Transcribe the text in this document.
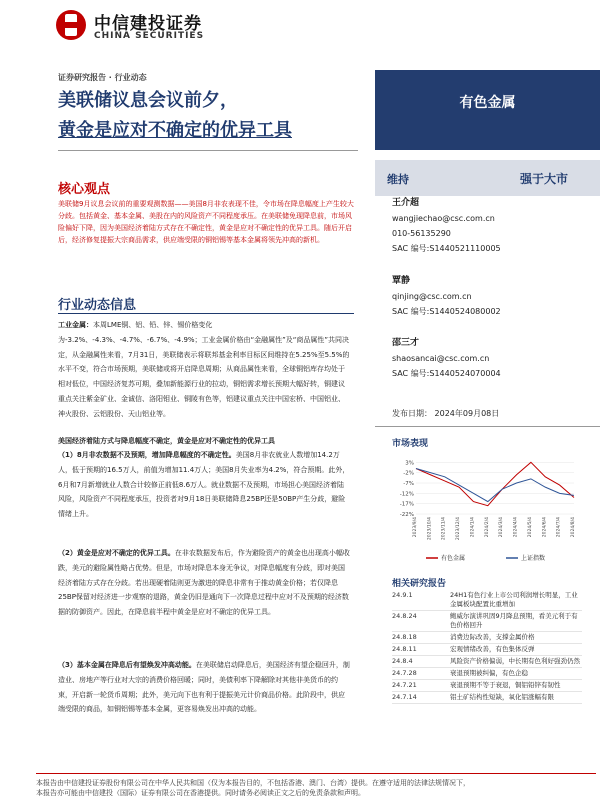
中信建投证券
CHINA SECURITIES
证券研究报告 · 行业动态
美联储议息会议前夕，
黄金是应对不确定的优异工具
有色金属
核心观点
美联储9月议息会议前的重要观测数据——美国8月非农表现不佳，令市场在降息幅度上产生较大分歧。包括黄金、基本金属、美股在内的风险资产不同程度承压。在美联储免现降息前，市场风险偏好下降，因为美国经济着陆方式存在不确定性，黄金是应对不确定性的优异工具。随后开启后，经济修复提振大宗商品需求，供应端受限的铜铝锡等基本金属将领先冲高的新机。
行业动态信息
工业金属：本周LME铜、铝、铅、锌、锡价格变化为-3.2%、-4.3%、-4.7%、-6.7%、-4.9%；工业金属价格由“金融属性”及“商品属性”共同决定，从金融属性来看，7月31日，美联储表示将联邦基金利率目标区间维持在5.25%至5.5%的水平不变，符合市场预期，美联储或将开启降息周期；从商品属性来看，全球铜铝库存均处于相对低位，中国经济复苏可期，叠加新能源行业的拉动，铜铝需求增长预期大幅好转，铜建议重点关注紫金矿业、金诚信、洛阳钼业、铜陵有色等，铝建议重点关注中国宏桥、中国铝业、神火股份、云铝股份、天山铝业等。
美国经济着陆方式与降息幅度不确定，黄金是应对不确定性的优异工具
（1）8月非农数据不及预期，增加降息幅度的不确定性。美国8月非农就业人数增加14.2万人，低于预期的16.5万人，前值为增加11.4万人；美国8月失业率为4.2%，符合预期。此外，6月和7月新增就业人数合计较修正前低8.6万人。就业数据不及预期，市场担心美国经济着陆风险，风险资产不同程度承压，投资者对9月18日美联储降息25BP还是50BP产生分歧，避险情绪上升。
（2）黄金是应对不确定的优异工具。在非农数据发布后，作为避险资产的黄金也出现高小幅收跌，美元的避险属性略占优势。但是，市场对降息本身无争议，对降息幅度有分歧，即对美国经济着陆方式存在分歧。若出现硬着陆则更为激进的降息非常有于推动黄金价格；若仅降息25BP保留对经济进一步观察的退路，黄金仍旧是通向下一次降息过程中应对不及预期的经济数据的防御资产。因此，在降息前半程中黄金是应对不确定的优异工具。
（3）基本金属在降息后有望焕发冲高动能。在美联储启动降息后，美国经济有望企稳回升，制造业、房地产等行业对大宗的消费价格回暖；同时，美债利率下降解除对其他非美货币的约束，开启新一轮货币周期；此外，美元向下也有利于提振美元计价商品价格。此阶段中，供应端受限的商品，如铜铝锡等基本金属，更容易焕发出冲高的动能。
维持	强于大市
王介超
wangjiechao@csc.com.cn
010-56135290
SAC 编号:S1440521110005
覃静
qinjing@csc.com.cn
SAC 编号:S1440524080002
邵三才
shaosancai@csc.com.cn
SAC 编号:S1440524070004
发布日期： 2024年09月08日
市场表现
3%
-2%
-7%
-12%
-17%
-22%
2023/9/4 2023/10/4 2023/11/4 2023/12/4 2024/1/4 2024/2/4 2024/3/4 2024/4/4 2024/5/4 2024/6/4 2024/7/4 2024/8/4
有色金属	上证指数
相关研究报告
24.9.1	24H1有色行业上市公司利润增长明显，工业金属板块配置比重增加
24.8.24	鲍威尔演讲巩固9月降息预期，看美元利于有色价格回升
24.8.18	消费边际改善，支撑金属价格
24.8.11	宏观情绪改善，有色集体反弹
24.8.4	风险资产价格偏弱，中长期有色利好强劲仍然
24.7.28	衰退预期被纠偏，有色企稳
24.7.21	衰退预期不等于衰退，铜铝铅锌有韧性
24.7.14	铝土矿结构性短缺，氧化铝涨幅有限
本报告由中信建投证券股份有限公司在中华人民共和国（仅为本报告目的，不包括香港、澳门、台湾）提供。在遵守适用的法律法规情况下，
本报告亦可能由中信建投（国际）证券有限公司在香港提供。同时请务必阅读正文之后的免责条款和声明。
